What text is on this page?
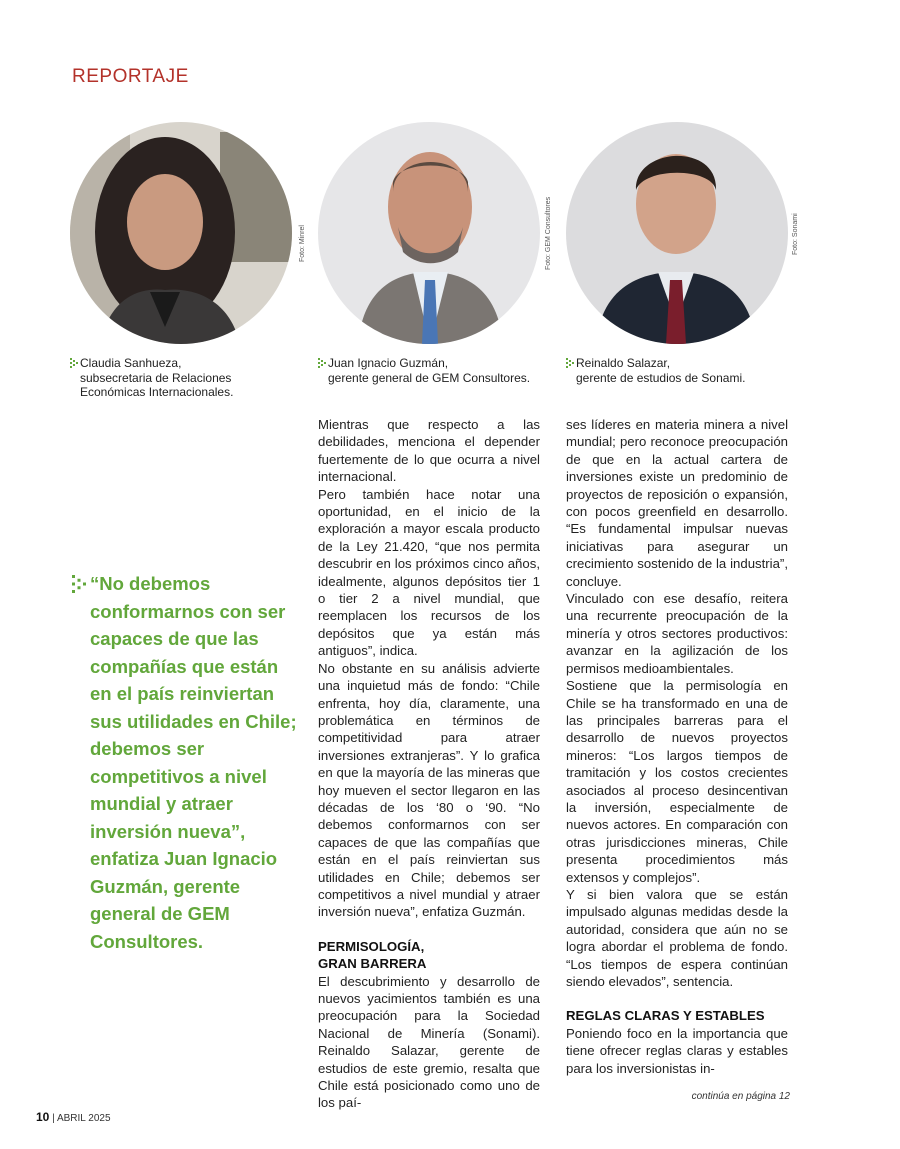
REPORTAJE
Foto: Minrel	Foto: GEM Consultores	Foto: Sonami
Claudia Sanhueza,
subsecretaria de Relaciones Económicas Internacionales.
Juan Ignacio Guzmán,
gerente general de GEM Consultores.
Reinaldo Salazar,
gerente de estudios de Sonami.

“No debemos conformarnos con ser capaces de que las compañías que están en el país reinviertan sus utilidades en Chile; debemos ser competitivos a nivel mundial y atraer inversión nueva”, enfatiza Juan Ignacio Guzmán, gerente general de GEM Consultores.

Mientras que respecto a las debilidades, menciona el depender fuertemente de lo que ocurra a nivel internacional.

Pero también hace notar una oportunidad, en el inicio de la exploración a mayor escala producto de la Ley 21.420, “que nos permita descubrir en los próximos cinco años, idealmente, algunos depósitos tier 1 o tier 2 a nivel mundial, que reemplacen los recursos de los depósitos que ya están más antiguos”, indica.

No obstante en su análisis advierte una inquietud más de fondo: “Chile enfrenta, hoy día, claramente, una problemática en términos de competitividad para atraer inversiones extranjeras”. Y lo grafica en que la mayoría de las mineras que hoy mueven el sector llegaron en las décadas de los ‘80 o ‘90. “No debemos conformarnos con ser capaces de que las compañías que están en el país reinviertan sus utilidades en Chile; debemos ser competitivos a nivel mundial y atraer inversión nueva”, enfatiza Guzmán.

PERMISOLOGÍA, GRAN BARRERA

El descubrimiento y desarrollo de nuevos yacimientos también es una preocupación para la Sociedad Nacional de Minería (Sonami). Reinaldo Salazar, gerente de estudios de este gremio, resalta que Chile está posicionado como uno de los paí-

ses líderes en materia minera a nivel mundial; pero reconoce preocupación de que en la actual cartera de inversiones existe un predominio de proyectos de reposición o expansión, con pocos greenfield en desarrollo. “Es fundamental impulsar nuevas iniciativas para asegurar un crecimiento sostenido de la industria”, concluye.

Vinculado con ese desafío, reitera una recurrente preocupación de la minería y otros sectores productivos: avanzar en la agilización de los permisos medioambientales.

Sostiene que la permisología en Chile se ha transformado en una de las principales barreras para el desarrollo de nuevos proyectos mineros: “Los largos tiempos de tramitación y los costos crecientes asociados al proceso desincentivan la inversión, especialmente de nuevos actores. En comparación con otras jurisdicciones mineras, Chile presenta procedimientos más extensos y complejos”.

Y si bien valora que se están impulsado algunas medidas desde la autoridad, considera que aún no se logra abordar el problema de fondo. “Los tiempos de espera continúan siendo elevados”, sentencia.

REGLAS CLARAS Y ESTABLES

Poniendo foco en la importancia que tiene ofrecer reglas claras y estables para los inversionistas in-

continúa en página 12
10 | ABRIL 2025
